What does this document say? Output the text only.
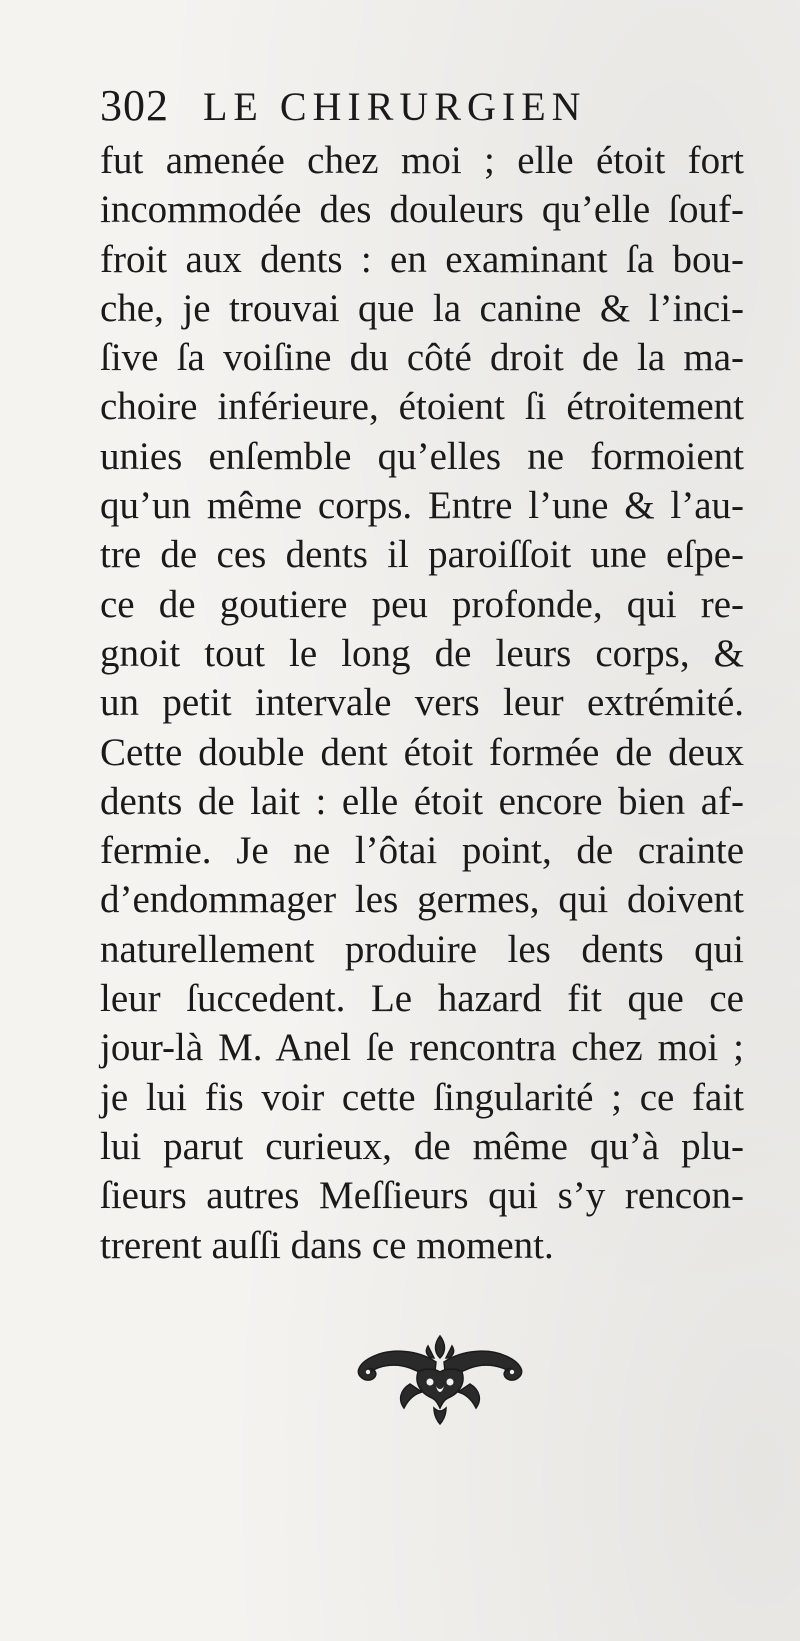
302 LE CHIRURGIEN
fut amenée chez moi ; elle étoit fort
incommodée des douleurs qu’elle ſouf-
froit aux dents : en examinant ſa bou-
che, je trouvai que la canine & l’inci-
ſive ſa voiſine du côté droit de la ma-
choire inférieure, étoient ſi étroitement
unies enſemble qu’elles ne formoient
qu’un même corps. Entre l’une & l’au-
tre de ces dents il paroiſſoit une eſpe-
ce de goutiere peu profonde, qui re-
gnoit tout le long de leurs corps, &
un petit intervale vers leur extrémité.
Cette double dent étoit formée de deux
dents de lait : elle étoit encore bien af-
fermie. Je ne l’ôtai point, de crainte
d’endommager les germes, qui doivent
naturellement produire les dents qui
leur ſuccedent. Le hazard fit que ce
jour-là M. Anel ſe rencontra chez moi ;
je lui fis voir cette ſingularité ; ce fait
lui parut curieux, de même qu’à plu-
ſieurs autres Meſſieurs qui s’y rencon-
trerent auſſi dans ce moment.
